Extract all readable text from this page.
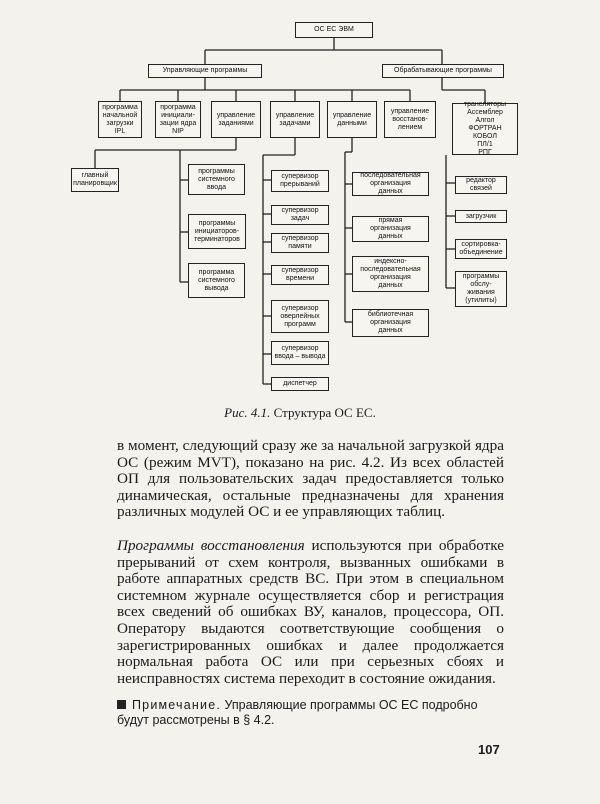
ОС ЕС ЭВМ
Управляющие программы	Обрабатывающие программы
программа
начальной
загрузки
IPL
программа
инициали-
зации ядра
NIP
управление
заданиями
управление
задачами
управление
данными
управление
восстанов-
лением
трансляторы
Ассемблер
Алгол
ФОРТРАН
КОБОЛ
ПЛ/1
РПГ
редактор
связей
загрузчик
сортировка-
объединение
программы
обслу-
живания
(утилиты)
главный
планировщик
программы
системного
ввода
программы
инициаторов-
терминаторов
программа
системного
вывода
супервизор
прерываний
супервизор
задач
супервизор
памяти
супервизор
времени
супервизор
оверлейных
программ
супервизор
ввода – вывода
диспетчер
последовательная
организация
данных
прямая
организация
данных
индексно-
последовательная
организация
данных
библиотечная
организация
данных
Рис. 4.1. Структура ОС ЕС.

в момент, следующий сразу же за начальной загрузкой ядра ОС (режим MVT), показано на рис. 4.2. Из всех областей ОП для пользовательских задач предоставляется только динамическая, остальные предназначены для хранения различных модулей ОС и ее управляющих таблиц.

Программы восстановления используются при обработке прерываний от схем контроля, вызванных ошибками в работе аппаратных средств ВС. При этом в специальном системном журнале осуществляется сбор и регистрация всех сведений об ошибках ВУ, каналов, процессора, ОП. Оператору выдаются соответствующие сообщения о зарегистрированных ошибках и далее продолжается нормальная работа ОС или при серьезных сбоях и неисправностях система переходит в состояние ожидания.

Примечание. Управляющие программы ОС ЕС подробно будут рассмотрены в § 4.2.

107
